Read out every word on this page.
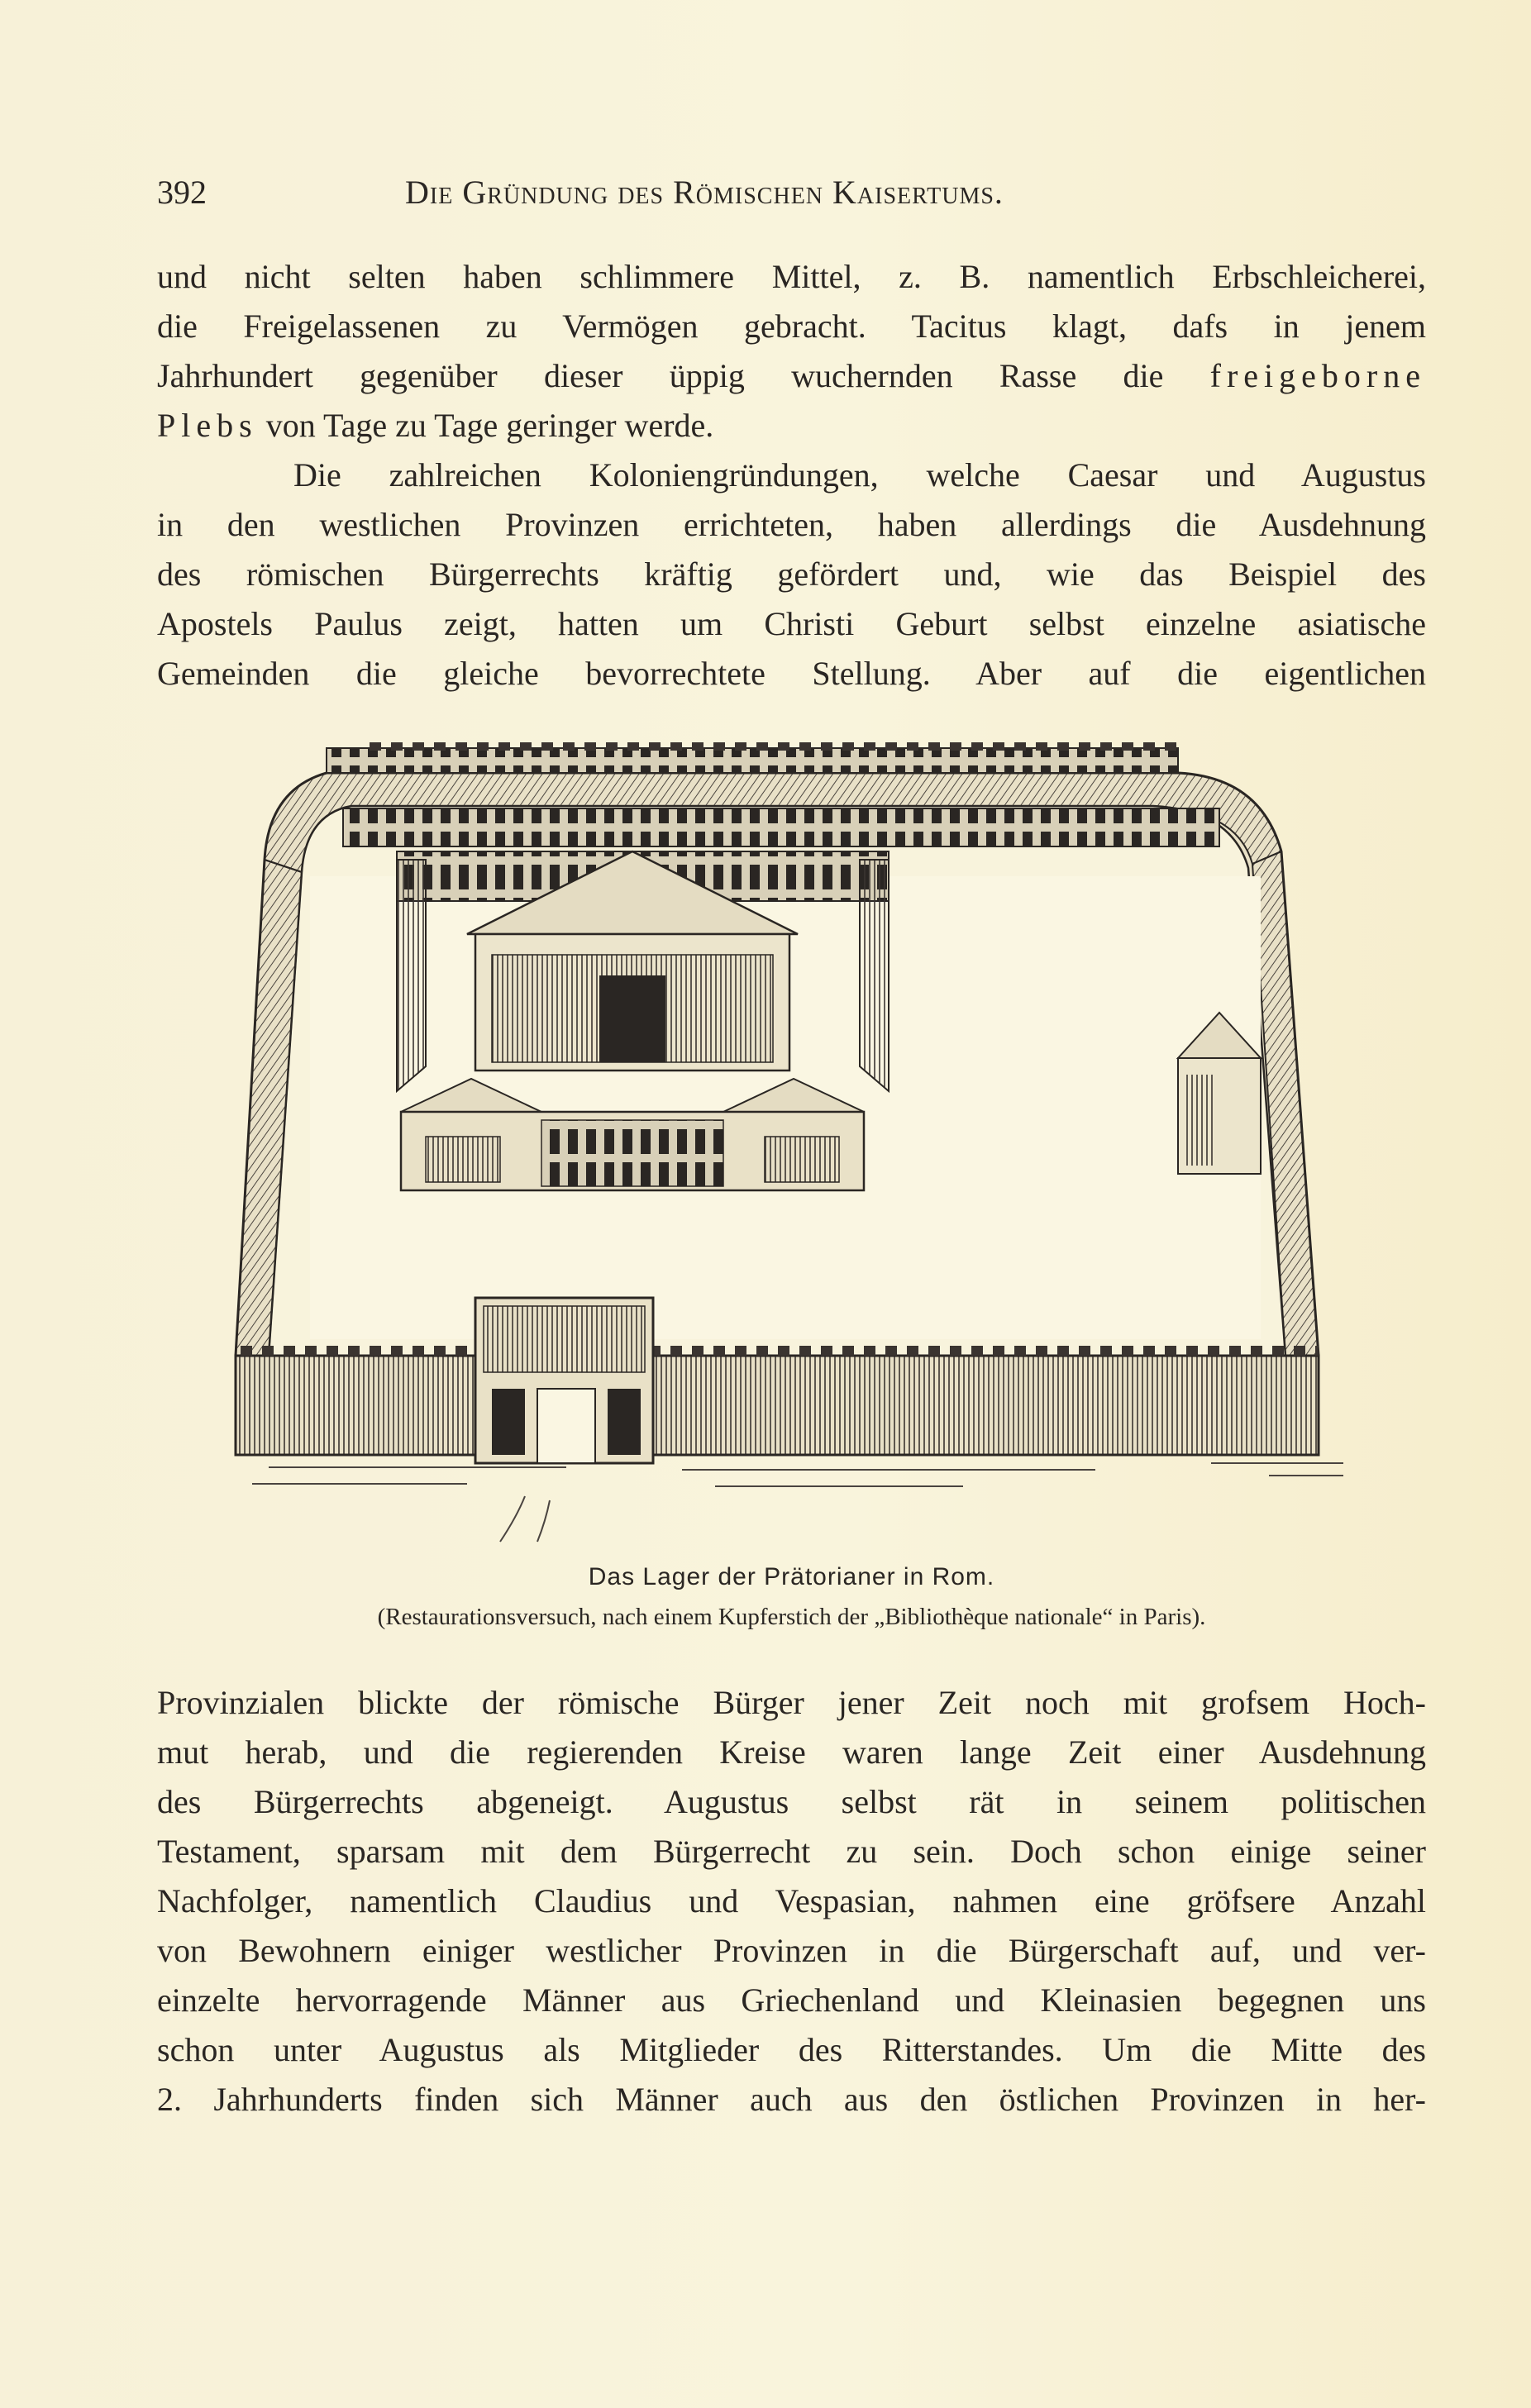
392	Die Gründung des Römischen Kaisertums.
und nicht selten haben schlimmere Mittel, z. B. namentlich Erbschleicherei,
die Freigelassenen zu Vermögen gebracht. Tacitus klagt, dafs in jenem
Jahrhundert gegenüber dieser üppig wuchernden Rasse die freigeborne
Plebs von Tage zu Tage geringer werde.
Die zahlreichen Koloniengründungen, welche Caesar und Augustus
in den westlichen Provinzen errichteten, haben allerdings die Ausdehnung
des römischen Bürgerrechts kräftig gefördert und, wie das Beispiel des
Apostels Paulus zeigt, hatten um Christi Geburt selbst einzelne asiatische
Gemeinden die gleiche bevorrechtete Stellung. Aber auf die eigentlichen
Das Lager der Prätorianer in Rom.
(Restaurationsversuch, nach einem Kupferstich der „Bibliothèque nationale“ in Paris).
Provinzialen blickte der römische Bürger jener Zeit noch mit grofsem Hoch-
mut herab, und die regierenden Kreise waren lange Zeit einer Ausdehnung
des Bürgerrechts abgeneigt. Augustus selbst rät in seinem politischen
Testament, sparsam mit dem Bürgerrecht zu sein. Doch schon einige seiner
Nachfolger, namentlich Claudius und Vespasian, nahmen eine gröfsere Anzahl
von Bewohnern einiger westlicher Provinzen in die Bürgerschaft auf, und ver-
einzelte hervorragende Männer aus Griechenland und Kleinasien begegnen uns
schon unter Augustus als Mitglieder des Ritterstandes. Um die Mitte des
2. Jahrhunderts finden sich Männer auch aus den östlichen Provinzen in her-
